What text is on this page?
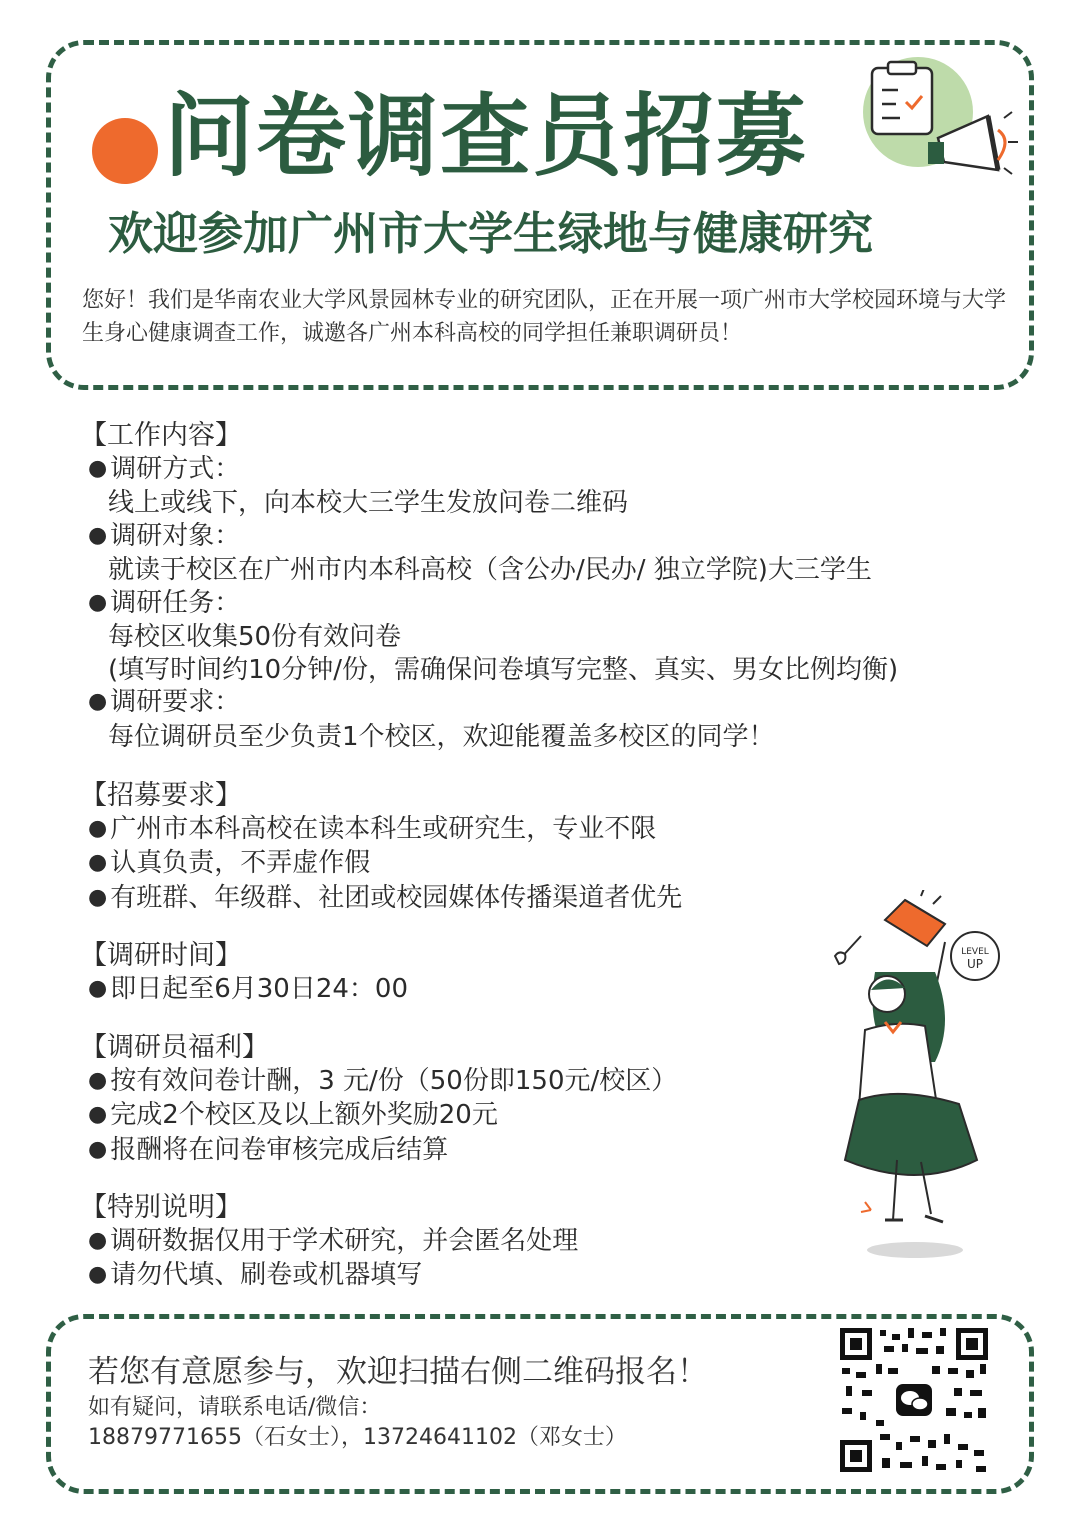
问卷调查员招募
欢迎参加广州市大学生绿地与健康研究
您好！我们是华南农业大学风景园林专业的研究团队，正在开展一项广州市大学校园环境与大学生身心健康调查工作，诚邀各广州本科高校的同学担任兼职调研员！
【工作内容】
● 调研方式：
线上或线下，向本校大三学生发放问卷二维码
● 调研对象：
就读于校区在广州市内本科高校（含公办/民办/ 独立学院)大三学生
● 调研任务：
每校区收集50份有效问卷
(填写时间约10分钟/份，需确保问卷填写完整、真实、男女比例均衡)
● 调研要求：
每位调研员至少负责1个校区，欢迎能覆盖多校区的同学！
【招募要求】
● 广州市本科高校在读本科生或研究生，专业不限
● 认真负责，不弄虚作假
● 有班群、年级群、社团或校园媒体传播渠道者优先
【调研时间】
● 即日起至6月30日24：00
【调研员福利】
● 按有效问卷计酬，3 元/份（50份即150元/校区）
● 完成2个校区及以上额外奖励20元
● 报酬将在问卷审核完成后结算
【特别说明】
● 调研数据仅用于学术研究，并会匿名处理
● 请勿代填、刷卷或机器填写
LEVEL
UP
若您有意愿参与，欢迎扫描右侧二维码报名！
如有疑问，请联系电话/微信：
18879771655（石女士），13724641102（邓女士）
